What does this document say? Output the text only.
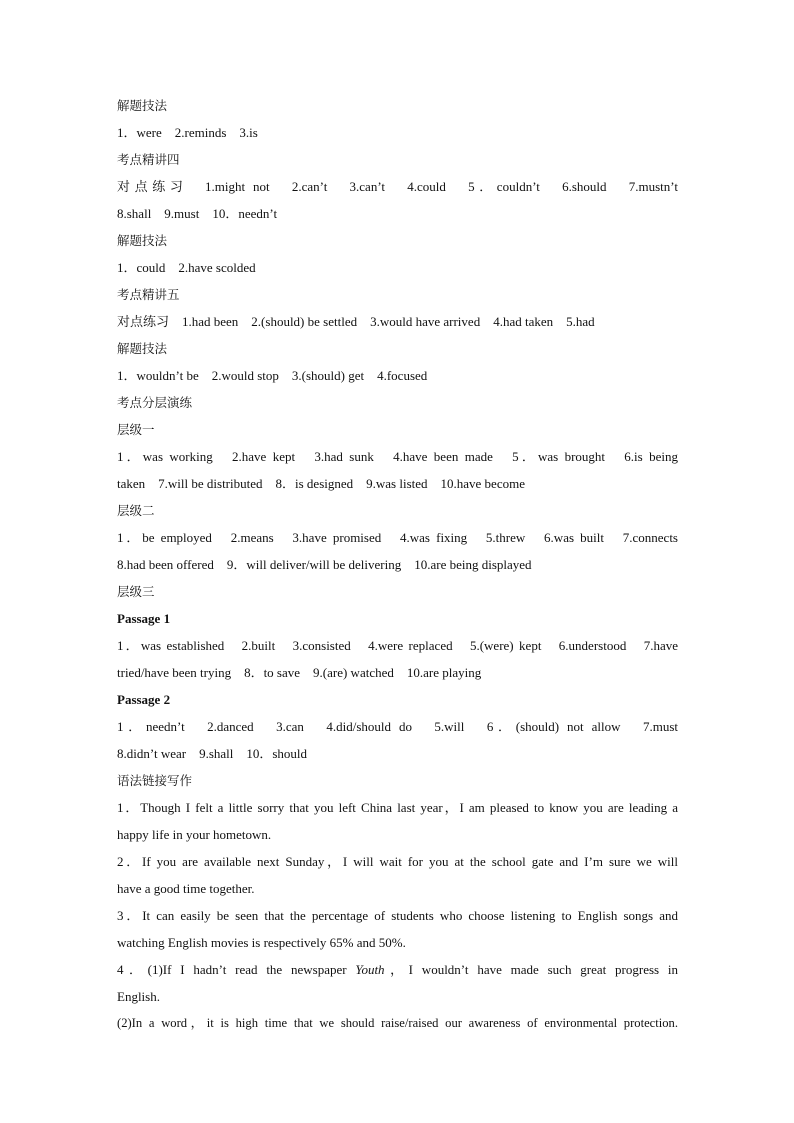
解题技法
1．were　2.reminds　3.is
考点精讲四
对点练习　1.might not　2.can’t　3.can’t　4.could　5．couldn’t　6.should　7.mustn’t
8.shall　9.must　10．needn’t
解题技法
1．could　2.have scolded
考点精讲五
对点练习　1.had been　2.(should) be settled　3.would have arrived　4.had taken　5.had
解题技法
1．wouldn’t be　2.would stop　3.(should) get　4.focused
考点分层演练
层级一
1．was working　2.have kept　3.had sunk　4.have been made　5．was brought　6.is being
taken　7.will be distributed　8．is designed　9.was listed　10.have become
层级二
1．be employed　2.means　3.have promised　4.was fixing　5.threw　6.was built　7.connects
8.had been offered　9．will deliver/will be delivering　10.are being displayed
层级三
Passage 1
1．was established　2.built　3.consisted　4.were replaced　5.(were) kept　6.understood　7.have
tried/have been trying　8．to save　9.(are) watched　10.are playing
Passage 2
1．needn’t　2.danced　3.can　4.did/should do　5.will　6．(should) not allow　7.must
8.didn’t wear　9.shall　10．should
语法链接写作
1．Though I felt a little sorry that you left China last year，I am pleased to know you are leading a
happy life in your hometown.
2．If you are available next Sunday，I will wait for you at the school gate and I’m sure we will
have a good time together.
3．It can easily be seen that the percentage of students who choose listening to English songs and
watching English movies is respectively 65% and 50%.
4．(1)If I hadn’t read the newspaper Youth，I wouldn’t have made such great progress in
English.
(2)In a word，it is high time that we should raise/raised our awareness of environmental protection.
